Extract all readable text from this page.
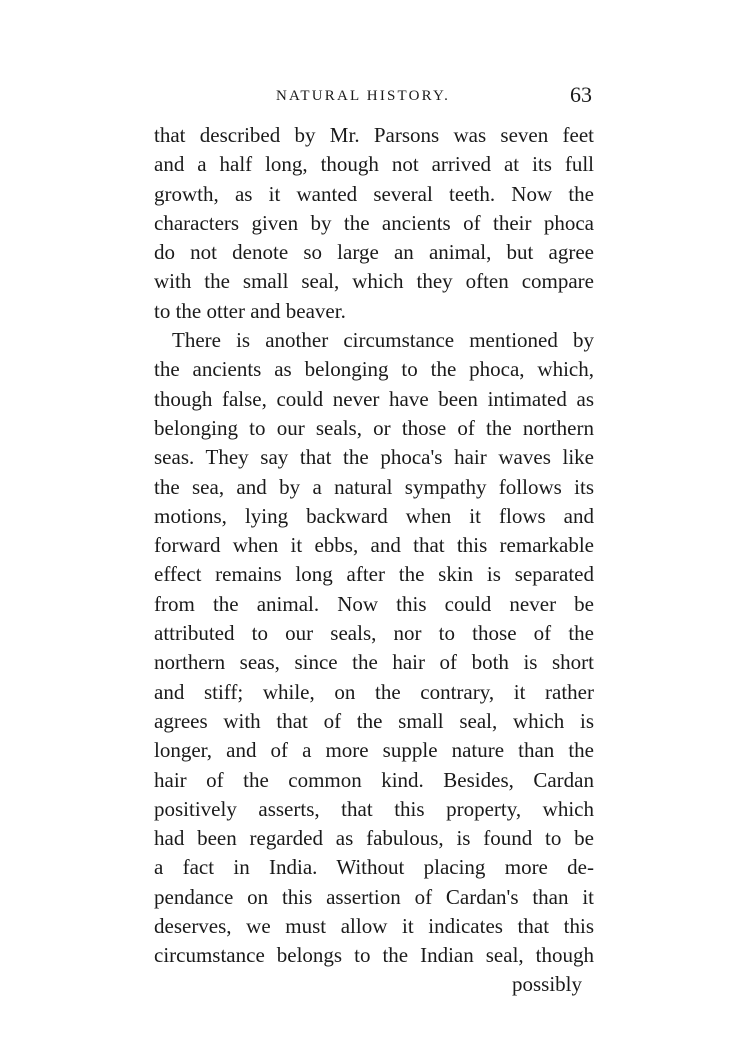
NATURAL HISTORY.	63
that described by Mr. Parsons was seven feet
and a half long, though not arrived at its full
growth, as it wanted several teeth. Now the
characters given by the ancients of their phoca
do not denote so large an animal, but agree
with the small seal, which they often compare
to the otter and beaver.
There is another circumstance mentioned by
the ancients as belonging to the phoca, which,
though false, could never have been intimated as
belonging to our seals, or those of the northern
seas. They say that the phoca's hair waves like
the sea, and by a natural sympathy follows its
motions, lying backward when it flows and
forward when it ebbs, and that this remarkable
effect remains long after the skin is separated
from the animal. Now this could never be
attributed to our seals, nor to those of the
northern seas, since the hair of both is short
and stiff; while, on the contrary, it rather
agrees with that of the small seal, which is
longer, and of a more supple nature than the
hair of the common kind. Besides, Cardan
positively asserts, that this property, which
had been regarded as fabulous, is found to be
a fact in India. Without placing more de-
pendance on this assertion of Cardan's than it
deserves, we must allow it indicates that this
circumstance belongs to the Indian seal, though
possibly
